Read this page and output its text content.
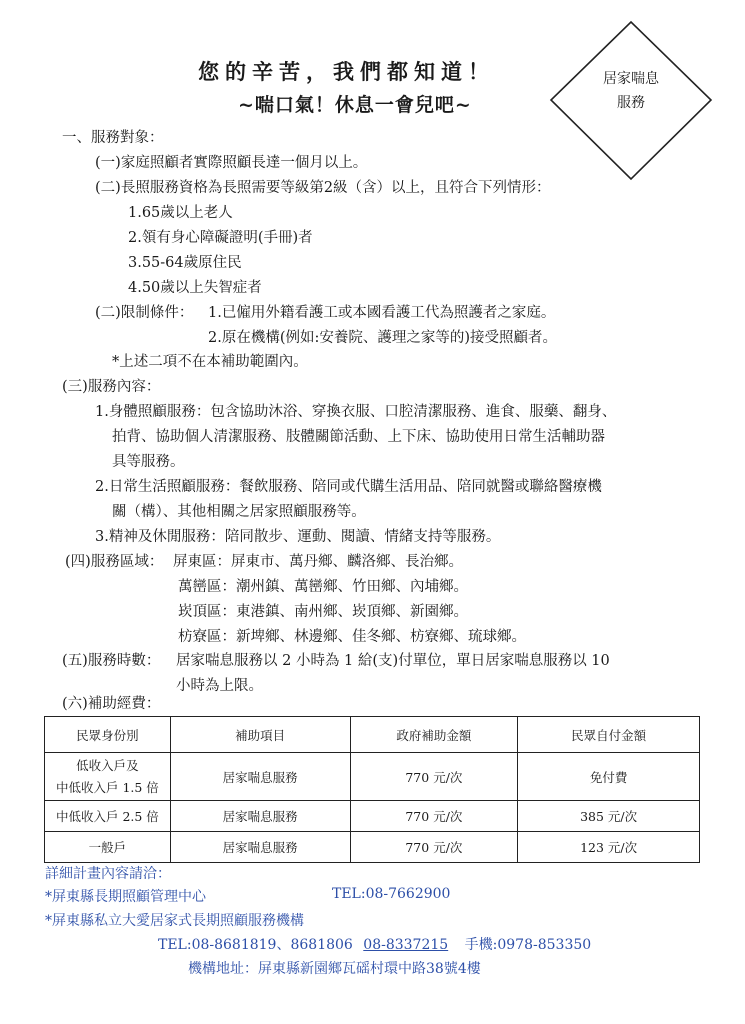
您的辛苦，我們都知道！
~喘口氣！休息一會兒吧~
居家喘息
服務
一、服務對象：
(一)家庭照顧者實際照顧長達一個月以上。
(二)長照服務資格為長照需要等級第2級（含）以上，且符合下列情形：
1.65歲以上老人
2.領有身心障礙證明(手冊)者
3.55-64歲原住民
4.50歲以上失智症者
(二)限制條件： 1.已僱用外籍看護工或本國看護工代為照護者之家庭。
2.原在機構(例如:安養院、護理之家等的)接受照顧者。
*上述二項不在本補助範圍內。
(三)服務內容：
1.身體照顧服務：包含協助沐浴、穿換衣服、口腔清潔服務、進食、服藥、翻身、
拍背、協助個人清潔服務、肢體關節活動、上下床、協助使用日常生活輔助器
具等服務。
2.日常生活照顧服務：餐飲服務、陪同或代購生活用品、陪同就醫或聯絡醫療機
關（構）、其他相關之居家照顧服務等。
3.精神及休閒服務：陪同散步、運動、閱讀、情緒支持等服務。
(四)服務區域： 屏東區：屏東市、萬丹鄉、麟洛鄉、長治鄉。
萬巒區：潮州鎮、萬巒鄉、竹田鄉、內埔鄉。
崁頂區：東港鎮、南州鄉、崁頂鄉、新園鄉。
枋寮區：新埤鄉、林邊鄉、佳冬鄉、枋寮鄉、琉球鄉。
(五)服務時數： 居家喘息服務以 2 小時為 1 給(支)付單位，單日居家喘息服務以 10
小時為上限。
(六)補助經費：
民眾身份別	補助項目	政府補助金額	民眾自付金額

低收入戶及
中低收入戶 1.5 倍	居家喘息服務	770 元/次	免付費
中低收入戶 2.5 倍	居家喘息服務	770 元/次	385 元/次
一般戶	居家喘息服務	770 元/次	123 元/次
詳細計畫內容請洽：
*屏東縣長期照顧管理中心	TEL:08-7662900
*屏東縣私立大愛居家式長期照顧服務機構
TEL:08-8681819、8681806 08-8337215 手機:0978-853350
機構地址：屏東縣新園鄉瓦磘村環中路38號4樓
